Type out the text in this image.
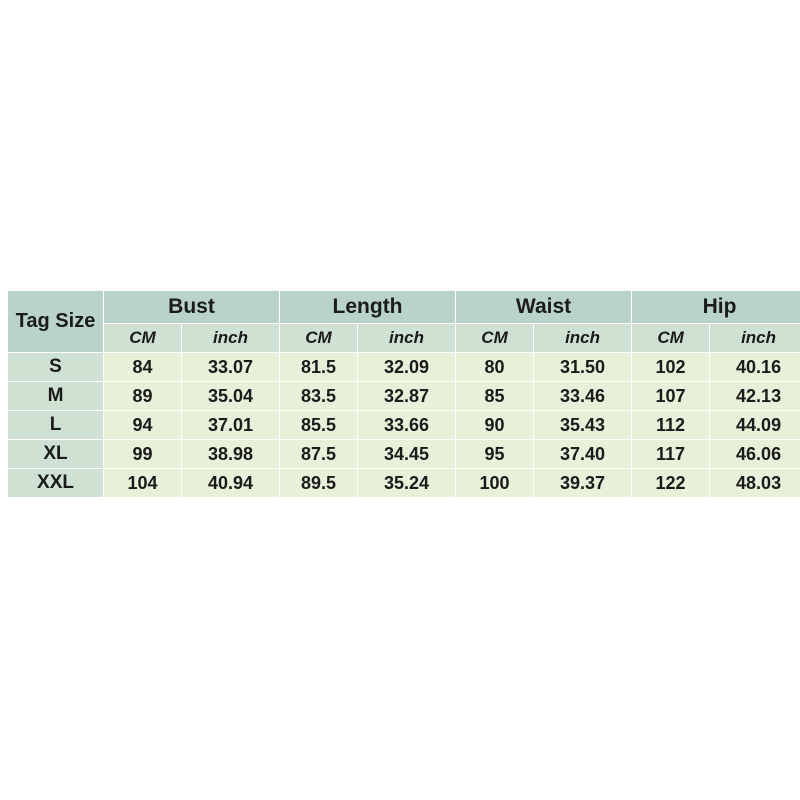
Tag Size	Bust		Length		Waist		Hip	
	CM	inch	CM	inch	CM	inch	CM	inch
S	84	33.07	81.5	32.09	80	31.50	102	40.16
M	89	35.04	83.5	32.87	85	33.46	107	42.13
L	94	37.01	85.5	33.66	90	35.43	112	44.09
XL	99	38.98	87.5	34.45	95	37.40	117	46.06
XXL	104	40.94	89.5	35.24	100	39.37	122	48.03
